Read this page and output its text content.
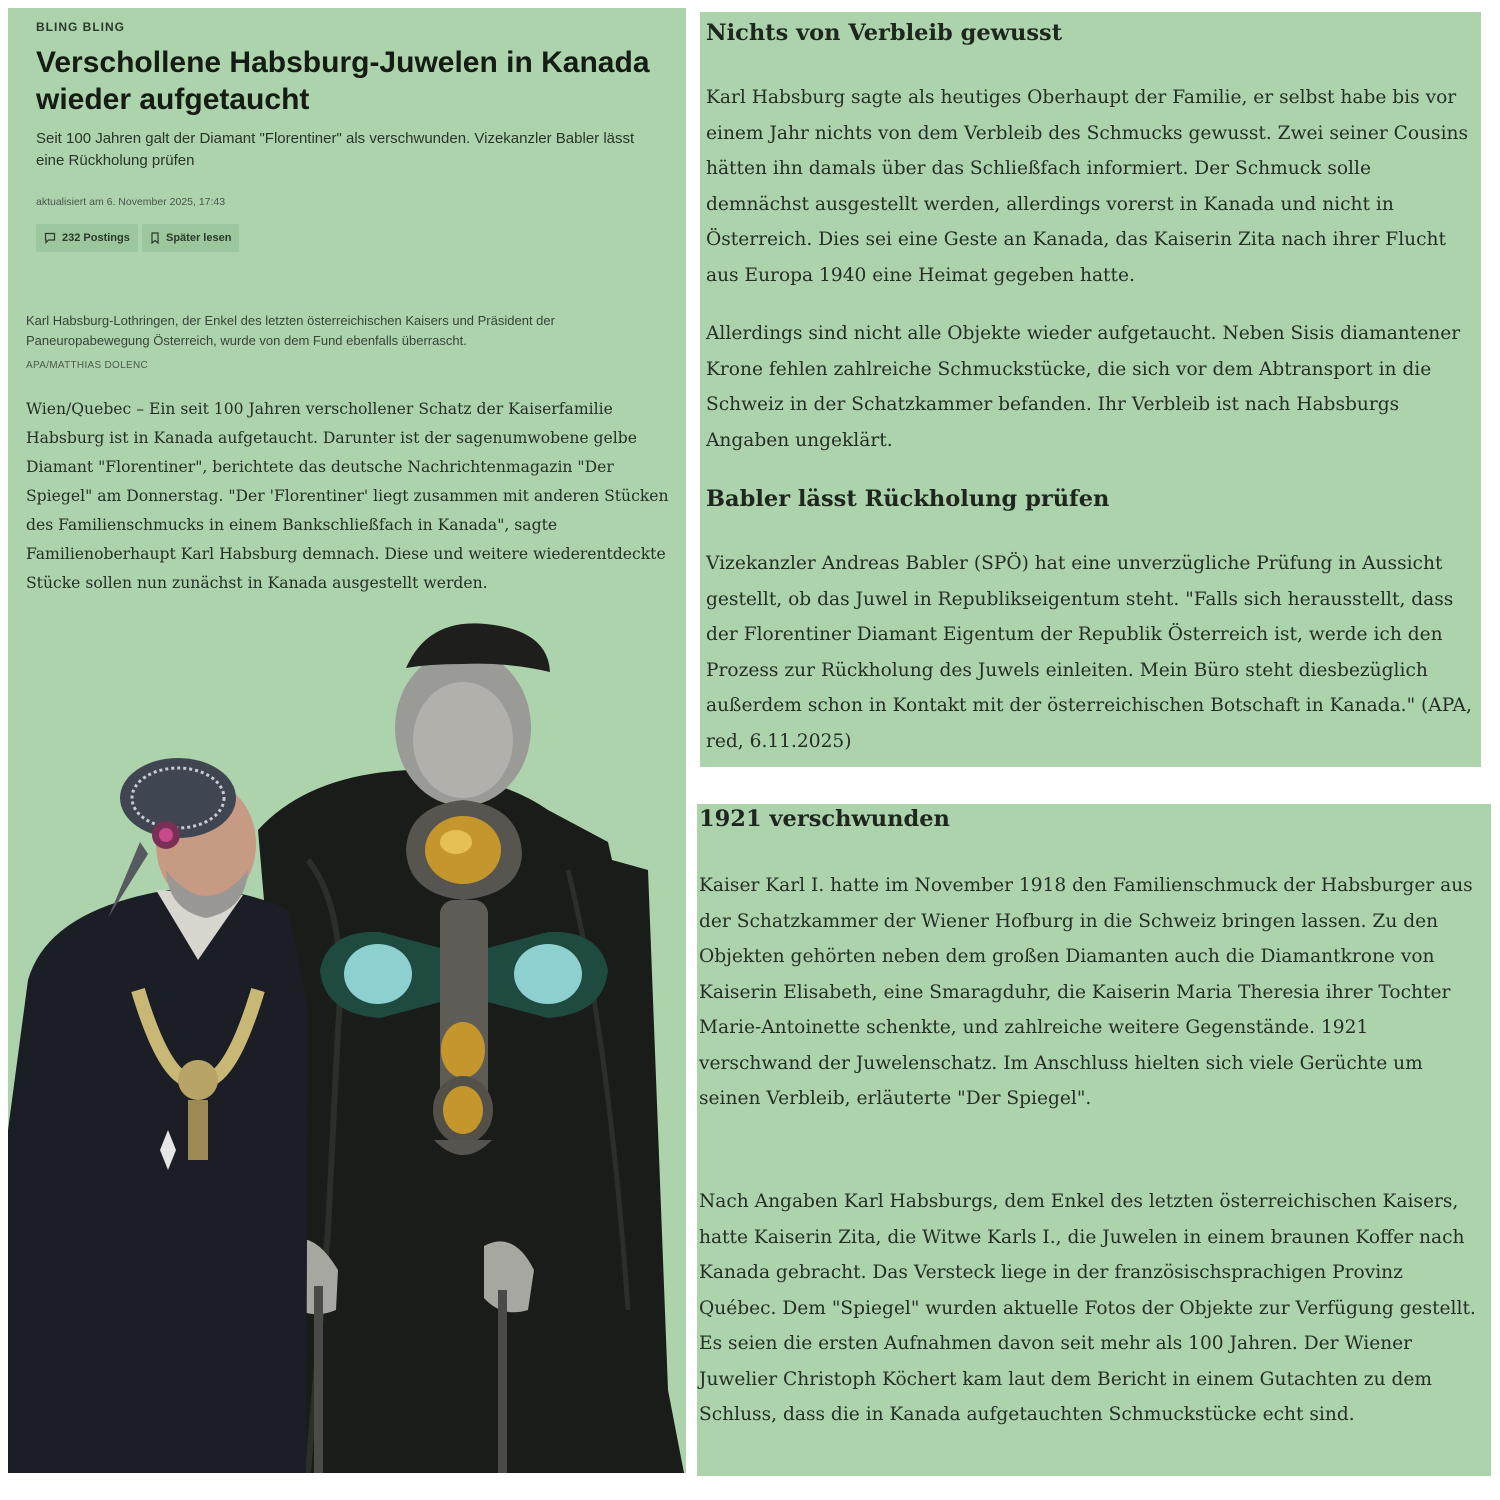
BLING BLING
Verschollene Habsburg-Juwelen in Kanada wieder aufgetaucht

Seit 100 Jahren galt der Diamant "Florentiner" als verschwunden. Vizekanzler Babler lässt eine Rückholung prüfen

aktualisiert am 6. November 2025, 17:43
232 Postings	Später lesen

Karl Habsburg-Lothringen, der Enkel des letzten österreichischen Kaisers und Präsident der Paneuropabewegung Österreich, wurde von dem Fund ebenfalls überrascht.

APA/MATTHIAS DOLENC

Wien/Quebec – Ein seit 100 Jahren verschollener Schatz der Kaiserfamilie Habsburg ist in Kanada aufgetaucht. Darunter ist der sagenumwobene gelbe Diamant "Florentiner", berichtete das deutsche Nachrichtenmagazin "Der Spiegel" am Donnerstag. "Der 'Florentiner' liegt zusammen mit anderen Stücken des Familienschmucks in einem Bankschließfach in Kanada", sagte Familienoberhaupt Karl Habsburg demnach. Diese und weitere wiederentdeckte Stücke sollen nun zunächst in Kanada ausgestellt werden.

Nichts von Verbleib gewusst

Karl Habsburg sagte als heutiges Oberhaupt der Familie, er selbst habe bis vor einem Jahr nichts von dem Verbleib des Schmucks gewusst. Zwei seiner Cousins hätten ihn damals über das Schließfach informiert. Der Schmuck solle demnächst ausgestellt werden, allerdings vorerst in Kanada und nicht in Österreich. Dies sei eine Geste an Kanada, das Kaiserin Zita nach ihrer Flucht aus Europa 1940 eine Heimat gegeben hatte.

Allerdings sind nicht alle Objekte wieder aufgetaucht. Neben Sisis diamantener Krone fehlen zahlreiche Schmuckstücke, die sich vor dem Abtransport in die Schweiz in der Schatzkammer befanden. Ihr Verbleib ist nach Habsburgs Angaben ungeklärt.

Babler lässt Rückholung prüfen

Vizekanzler Andreas Babler (SPÖ) hat eine unverzügliche Prüfung in Aussicht gestellt, ob das Juwel in Republikseigentum steht. "Falls sich herausstellt, dass der Florentiner Diamant Eigentum der Republik Österreich ist, werde ich den Prozess zur Rückholung des Juwels einleiten. Mein Büro steht diesbezüglich außerdem schon in Kontakt mit der österreichischen Botschaft in Kanada." (APA, red, 6.11.2025)

1921 verschwunden

Kaiser Karl I. hatte im November 1918 den Familienschmuck der Habsburger aus der Schatzkammer der Wiener Hofburg in die Schweiz bringen lassen. Zu den Objekten gehörten neben dem großen Diamanten auch die Diamantkrone von Kaiserin Elisabeth, eine Smaragduhr, die Kaiserin Maria Theresia ihrer Tochter Marie-Antoinette schenkte, und zahlreiche weitere Gegenstände. 1921 verschwand der Juwelenschatz. Im Anschluss hielten sich viele Gerüchte um seinen Verbleib, erläuterte "Der Spiegel".

Nach Angaben Karl Habsburgs, dem Enkel des letzten österreichischen Kaisers, hatte Kaiserin Zita, die Witwe Karls I., die Juwelen in einem braunen Koffer nach Kanada gebracht. Das Versteck liege in der französischsprachigen Provinz Québec. Dem "Spiegel" wurden aktuelle Fotos der Objekte zur Verfügung gestellt. Es seien die ersten Aufnahmen davon seit mehr als 100 Jahren. Der Wiener Juwelier Christoph Köchert kam laut dem Bericht in einem Gutachten zu dem Schluss, dass die in Kanada aufgetauchten Schmuckstücke echt sind.
